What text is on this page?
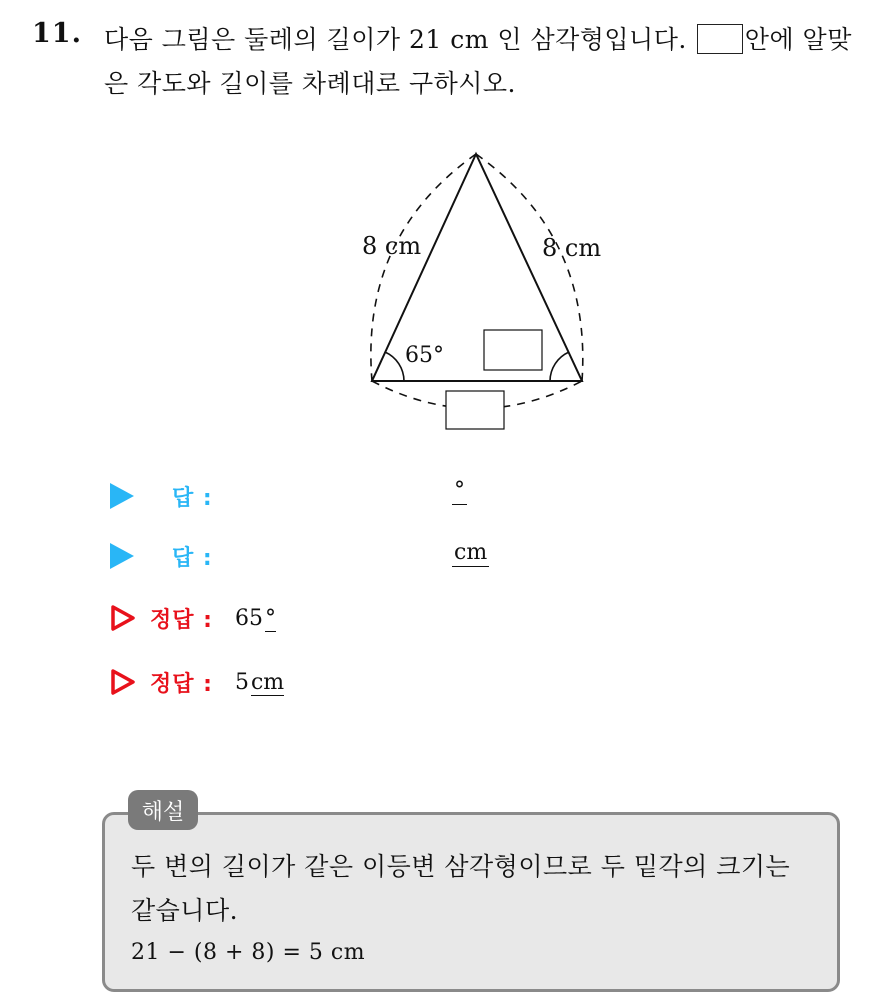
11. 다음 그림은 둘레의 길이가 21 cm 인 삼각형입니다. 안에 알맞은 각도와 길이를 차례대로 구하시오.
8 cm	8 cm
65°
답 :	°
답 :	cm
정답 : 65°
정답 : 5cm
해설
두 변의 길이가 같은 이등변 삼각형이므로 두 밑각의 크기는 같습니다.
21 − (8 + 8) = 5 cm
